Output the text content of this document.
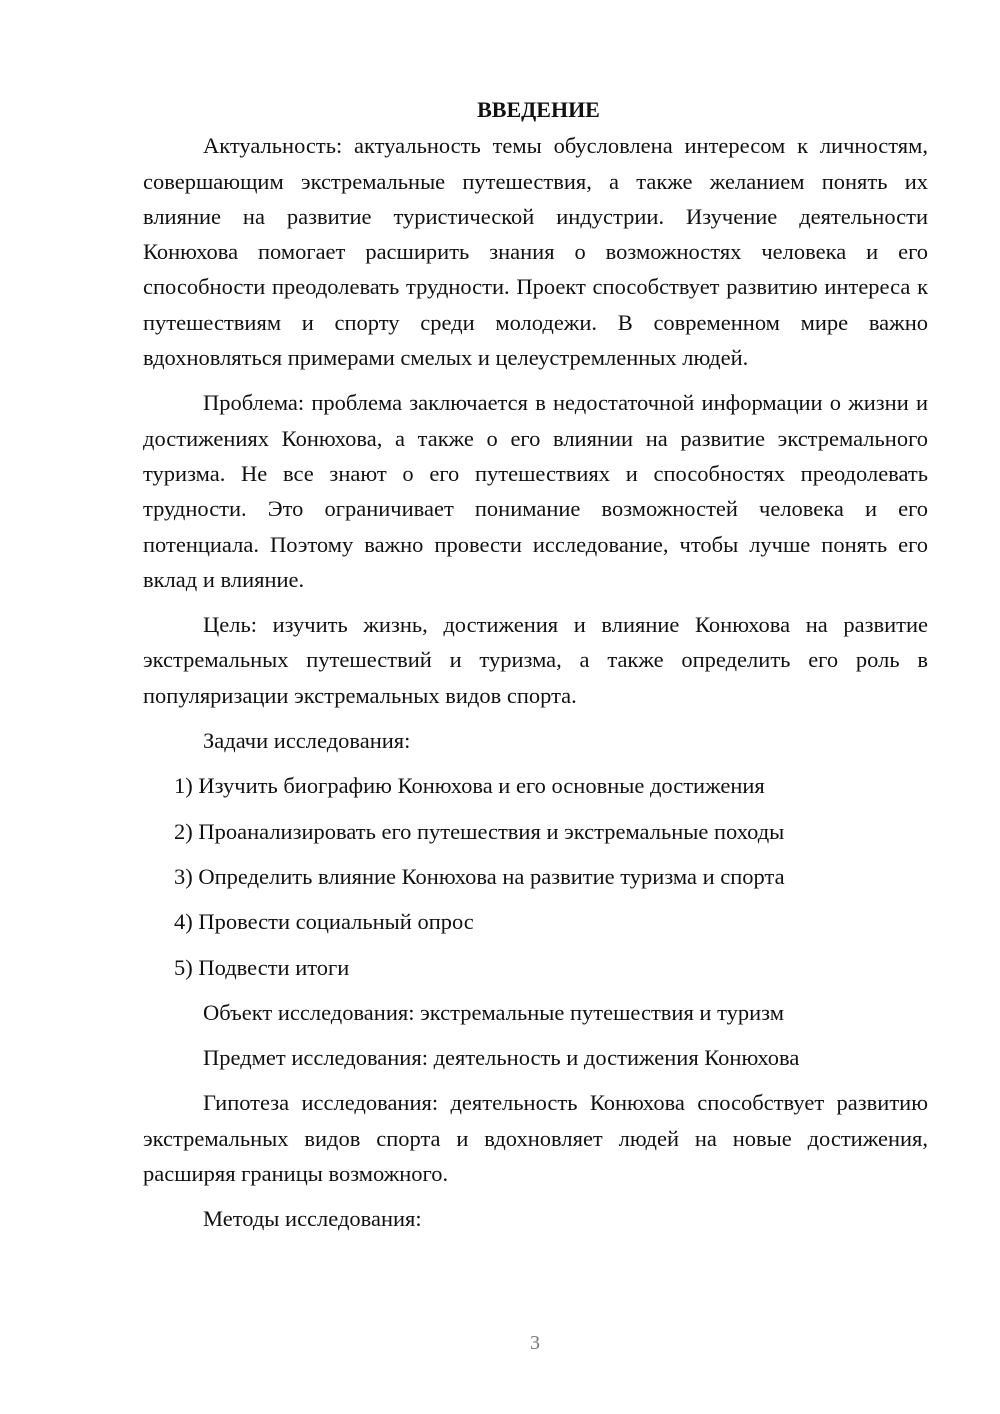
ВВЕДЕНИЕ

Актуальность: актуальность темы обусловлена интересом к личностям, совершающим экстремальные путешествия, а также желанием понять их влияние на развитие туристической индустрии. Изучение деятельности Конюхова помогает расширить знания о возможностях человека и его способности преодолевать трудности. Проект способствует развитию интереса к путешествиям и спорту среди молодежи. В современном мире важно вдохновляться примерами смелых и целеустремленных людей.

Проблема: проблема заключается в недостаточной информации о жизни и достижениях Конюхова, а также о его влиянии на развитие экстремального туризма. Не все знают о его путешествиях и способностях преодолевать трудности. Это ограничивает понимание возможностей человека и его потенциала. Поэтому важно провести исследование, чтобы лучше понять его вклад и влияние.

Цель: изучить жизнь, достижения и влияние Конюхова на развитие экстремальных путешествий и туризма, а также определить его роль в популяризации экстремальных видов спорта.

Задачи исследования:

1) Изучить биографию Конюхова и его основные достижения
2) Проанализировать его путешествия и экстремальные походы
3) Определить влияние Конюхова на развитие туризма и спорта
4) Провести социальный опрос
5) Подвести итоги

Объект исследования: экстремальные путешествия и туризм

Предмет исследования: деятельность и достижения Конюхова

Гипотеза исследования: деятельность Конюхова способствует развитию экстремальных видов спорта и вдохновляет людей на новые достижения, расширяя границы возможного.

Методы исследования:

3
